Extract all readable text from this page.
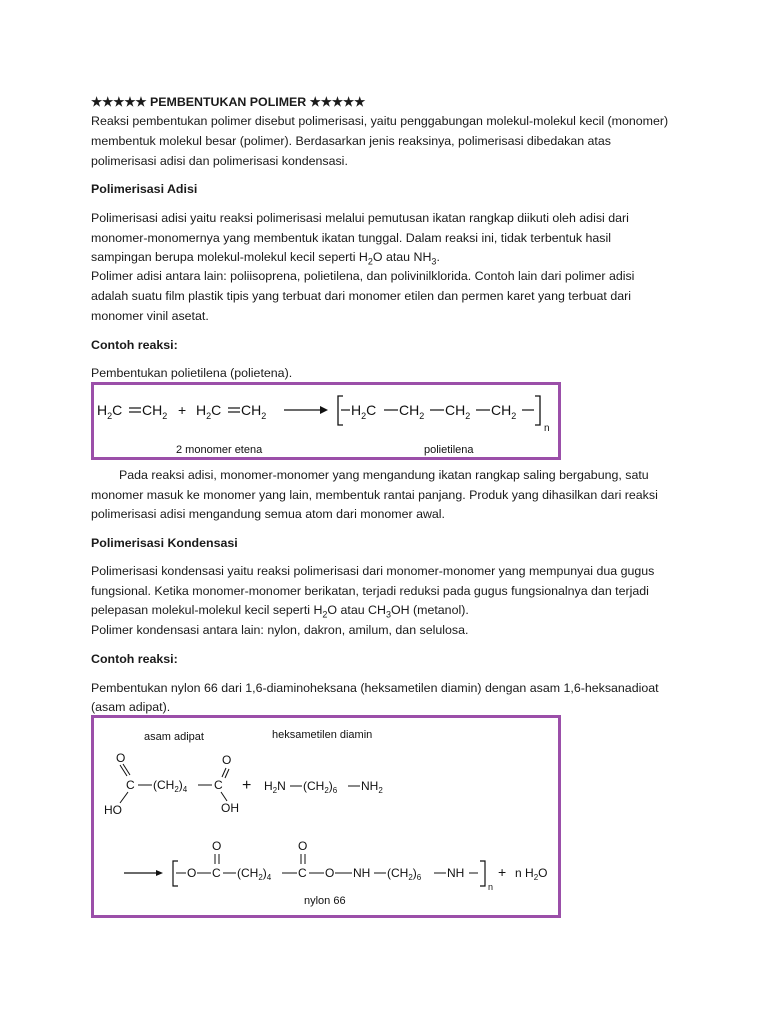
★★★★★ PEMBENTUKAN POLIMER ★★★★★

Reaksi pembentukan polimer disebut polimerisasi, yaitu penggabungan molekul-molekul kecil (monomer)

membentuk molekul besar (polimer). Berdasarkan jenis reaksinya, polimerisasi dibedakan atas

polimerisasi adisi dan polimerisasi kondensasi.

Polimerisasi Adisi

Polimerisasi adisi yaitu reaksi polimerisasi melalui pemutusan ikatan rangkap diikuti oleh adisi dari

monomer-monomernya yang membentuk ikatan tunggal. Dalam reaksi ini, tidak terbentuk hasil

sampingan berupa molekul-molekul kecil seperti $H_2O$ atau $NH_3$.

Polimer adisi antara lain: poliisoprena, polietilena, dan polivinilklorida. Contoh lain dari polimer adisi

adalah suatu film plastik tipis yang terbuat dari monomer etilen dan permen karet yang terbuat dari

monomer vinil asetat.

Contoh reaksi:

Pembentukan polietilena (polietena).

$H_2C$ $CH_2 + H_2C$ $CH_2$	$H_2C$ $CH_2$ $CH_2$ $CH_2$
n
2 monomer etena	polietilena

Pada reaksi adisi, monomer-monomer yang mengandung ikatan rangkap saling bergabung, satu

monomer masuk ke monomer yang lain, membentuk rantai panjang. Produk yang dihasilkan dari reaksi

polimerisasi adisi mengandung semua atom dari monomer awal.

Polimerisasi Kondensasi

Polimerisasi kondensasi yaitu reaksi polimerisasi dari monomer-monomer yang mempunyai dua gugus

fungsional. Ketika monomer-monomer berikatan, terjadi reduksi pada gugus fungsionalnya dan terjadi

pelepasan molekul-molekul kecil seperti $H_2O$ atau $CH_3OH$ (metanol).

Polimer kondensasi antara lain: nylon, dakron, amilum, dan selulosa.

Contoh reaksi:

Pembentukan nylon 66 dari 1,6-diaminoheksana (heksametilen diamin) dengan asam 1,6-heksanadioat

(asam adipat).

asam adipat	heksametilen diamin
O
C $(CH_2)_4$ C
O
HO	OH
+ $H_2N$ $(CH_2)_6$ $NH_2$
O C
O
$(CH_2)_4$ C
O
O NH $(CH_2)_6$ NH
n
+ n $H_2O$
nylon 66
